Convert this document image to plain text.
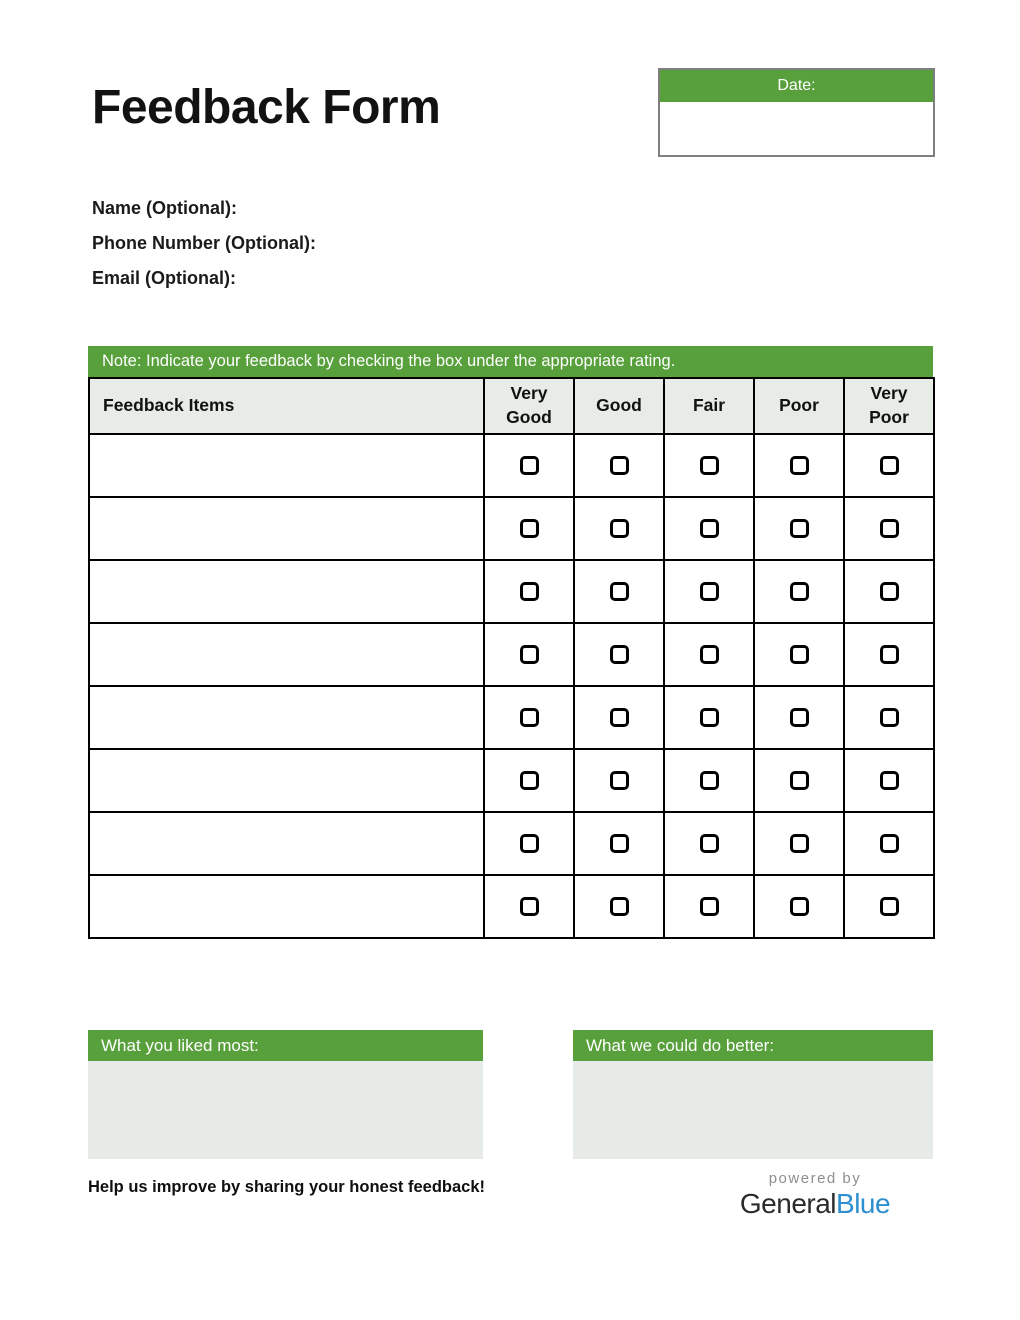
Feedback Form	Date:
Name (Optional):
Phone Number (Optional):
Email (Optional):
Note: Indicate your feedback by checking the box under the appropriate rating.
Feedback Items	Very Good	Good	Fair	Poor	Very Poor

What you liked most:	What we could do better:
Help us improve by sharing your honest feedback!	powered by
GeneralBlue
